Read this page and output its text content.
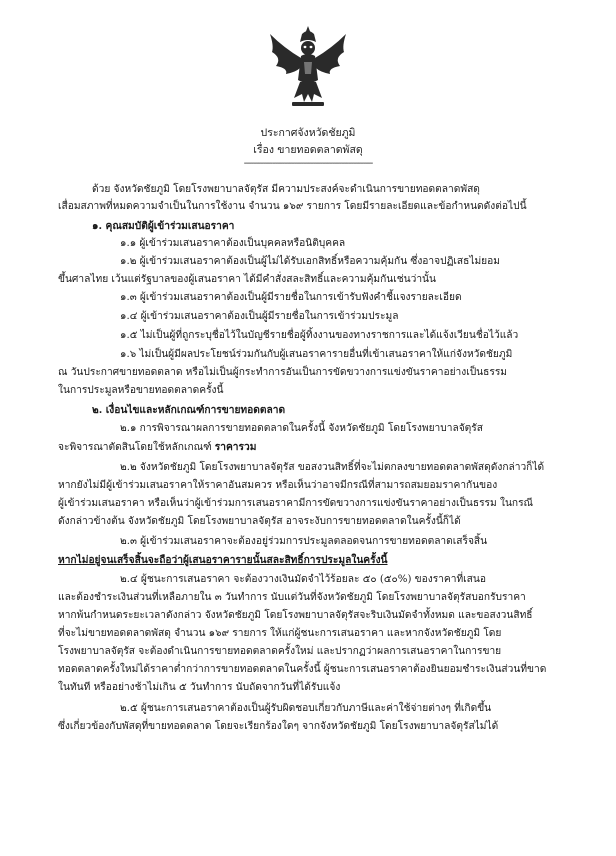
ประกาศจังหวัดชัยภูมิ
เรื่อง ขายทอดตลาดพัสดุ
------------------------------------------------------
ด้วย จังหวัดชัยภูมิ โดยโรงพยาบาลจัตุรัส มีความประสงค์จะดำเนินการขายทอดตลาดพัสดุ
เสื่อมสภาพที่หมดความจำเป็นในการใช้งาน จำนวน ๑๖๙ รายการ โดยมีรายละเอียดและข้อกำหนดดังต่อไปนี้
๑. คุณสมบัติผู้เข้าร่วมเสนอราคา
๑.๑ ผู้เข้าร่วมเสนอราคาต้องเป็นบุคคลหรือนิติบุคคล
๑.๒ ผู้เข้าร่วมเสนอราคาต้องเป็นผู้ไม่ได้รับเอกสิทธิ์หรือความคุ้มกัน ซึ่งอาจปฏิเสธไม่ยอม
ขึ้นศาลไทย เว้นแต่รัฐบาลของผู้เสนอราคา ได้มีคำสั่งสละสิทธิ์และความคุ้มกันเช่นว่านั้น
๑.๓ ผู้เข้าร่วมเสนอราคาต้องเป็นผู้มีรายชื่อในการเข้ารับฟังคำชี้แจงรายละเอียด
๑.๔ ผู้เข้าร่วมเสนอราคาต้องเป็นผู้มีรายชื่อในการเข้าร่วมประมูล
๑.๕ ไม่เป็นผู้ที่ถูกระบุชื่อไว้ในบัญชีรายชื่อผู้ทิ้งงานของทางราชการและได้แจ้งเวียนชื่อไว้แล้ว
๑.๖ ไม่เป็นผู้มีผลประโยชน์ร่วมกันกับผู้เสนอราคารายอื่นที่เข้าเสนอราคาให้แก่จังหวัดชัยภูมิ
ณ วันประกาศขายทอดตลาด หรือไม่เป็นผู้กระทำการอันเป็นการขัดขวางการแข่งขันราคาอย่างเป็นธรรม
ในการประมูลหรือขายทอดตลาดครั้งนี้
๒. เงื่อนไขและหลักเกณฑ์การขายทอดตลาด
๒.๑ การพิจารณาผลการขายทอดตลาดในครั้งนี้ จังหวัดชัยภูมิ โดยโรงพยาบาลจัตุรัส
จะพิจารณาตัดสินโดยใช้หลักเกณฑ์ ราคารวม
๒.๒ จังหวัดชัยภูมิ โดยโรงพยาบาลจัตุรัส ขอสงวนสิทธิ์ที่จะไม่ตกลงขายทอดตลาดพัสดุดังกล่าวก็ได้
หากยังไม่มีผู้เข้าร่วมเสนอราคาให้ราคาอันสมควร หรือเห็นว่าอาจมีกรณีที่สามารถสมยอมราคากันของ
ผู้เข้าร่วมเสนอราคา หรือเห็นว่าผู้เข้าร่วมการเสนอราคามีการขัดขวางการแข่งขันราคาอย่างเป็นธรรม ในกรณี
ดังกล่าวข้างต้น จังหวัดชัยภูมิ โดยโรงพยาบาลจัตุรัส อาจระงับการขายทอดตลาดในครั้งนี้ก็ได้
๒.๓ ผู้เข้าร่วมเสนอราคาจะต้องอยู่ร่วมการประมูลตลอดจนการขายทอดตลาดเสร็จสิ้น
หากไม่อยู่จนเสร็จสิ้นจะถือว่าผู้เสนอราคารายนั้นสละสิทธิ์การประมูลในครั้งนี้
๒.๔ ผู้ชนะการเสนอราคา จะต้องวางเงินมัดจำไว้ร้อยละ ๕๐ (๕๐%) ของราคาที่เสนอ
และต้องชำระเงินส่วนที่เหลือภายใน ๓ วันทำการ นับแต่วันที่จังหวัดชัยภูมิ โดยโรงพยาบาลจัตุรัสบอกรับราคา
หากพ้นกำหนดระยะเวลาดังกล่าว จังหวัดชัยภูมิ โดยโรงพยาบาลจัตุรัสจะริบเงินมัดจำทั้งหมด และขอสงวนสิทธิ์
ที่จะไม่ขายทอดตลาดพัสดุ จำนวน ๑๖๙ รายการ ให้แก่ผู้ชนะการเสนอราคา และหากจังหวัดชัยภูมิ โดย
โรงพยาบาลจัตุรัส จะต้องดำเนินการขายทอดตลาดครั้งใหม่ และปรากฏว่าผลการเสนอราคาในการขาย
ทอดตลาดครั้งใหม่ได้ราคาต่ำกว่าการขายทอดตลาดในครั้งนี้ ผู้ชนะการเสนอราคาต้องยินยอมชำระเงินส่วนที่ขาด
ในทันที หรืออย่างช้าไม่เกิน ๕ วันทำการ นับถัดจากวันที่ได้รับแจ้ง
๒.๕ ผู้ชนะการเสนอราคาต้องเป็นผู้รับผิดชอบเกี่ยวกับภาษีและค่าใช้จ่ายต่างๆ ที่เกิดขึ้น
ซึ่งเกี่ยวข้องกับพัสดุที่ขายทอดตลาด โดยจะเรียกร้องใดๆ จากจังหวัดชัยภูมิ โดยโรงพยาบาลจัตุรัสไม่ได้
